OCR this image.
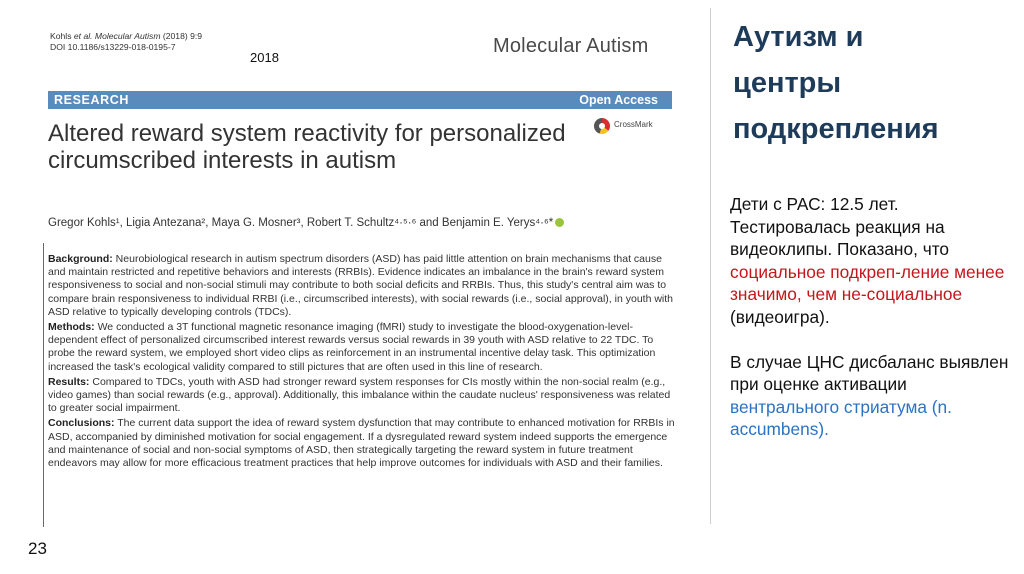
Kohls et al. Molecular Autism (2018) 9:9
DOI 10.1186/s13229-018-0195-7
2018
Molecular Autism
RESEARCH	Open Access
CrossMark
Altered reward system reactivity for personalized circumscribed interests in autism
Gregor Kohls¹, Ligia Antezana², Maya G. Mosner³, Robert T. Schultz⁴·⁵·⁶ and Benjamin E. Yerys⁴·⁶*

Background: Neurobiological research in autism spectrum disorders (ASD) has paid little attention on brain mechanisms that cause and maintain restricted and repetitive behaviors and interests (RRBIs). Evidence indicates an imbalance in the brain's reward system responsiveness to social and non-social stimuli may contribute to both social deficits and RRBIs. Thus, this study's central aim was to compare brain responsiveness to individual RRBI (i.e., circumscribed interests), with social rewards (i.e., social approval), in youth with ASD relative to typically developing controls (TDCs).

Methods: We conducted a 3T functional magnetic resonance imaging (fMRI) study to investigate the blood-oxygenation-level-dependent effect of personalized circumscribed interest rewards versus social rewards in 39 youth with ASD relative to 22 TDC. To probe the reward system, we employed short video clips as reinforcement in an instrumental incentive delay task. This optimization increased the task's ecological validity compared to still pictures that are often used in this line of research.

Results: Compared to TDCs, youth with ASD had stronger reward system responses for CIs mostly within the non-social realm (e.g., video games) than social rewards (e.g., approval). Additionally, this imbalance within the caudate nucleus' responsiveness was related to greater social impairment.

Conclusions: The current data support the idea of reward system dysfunction that may contribute to enhanced motivation for RRBIs in ASD, accompanied by diminished motivation for social engagement. If a dysregulated reward system indeed supports the emergence and maintenance of social and non-social symptoms of ASD, then strategically targeting the reward system in future treatment endeavors may allow for more efficacious treatment practices that help improve outcomes for individuals with ASD and their families.

Аутизм и
центры
подкрепления
Дети с РАС: 12.5 лет. Тестировалась реакция на видеоклипы. Показано, что социальное подкреп-ление менее значимо, чем не-социальное (видеоигра).
В случае ЦНС дисбаланс выявлен при оценке активации вентрального стриатума (n. accumbens).
23
